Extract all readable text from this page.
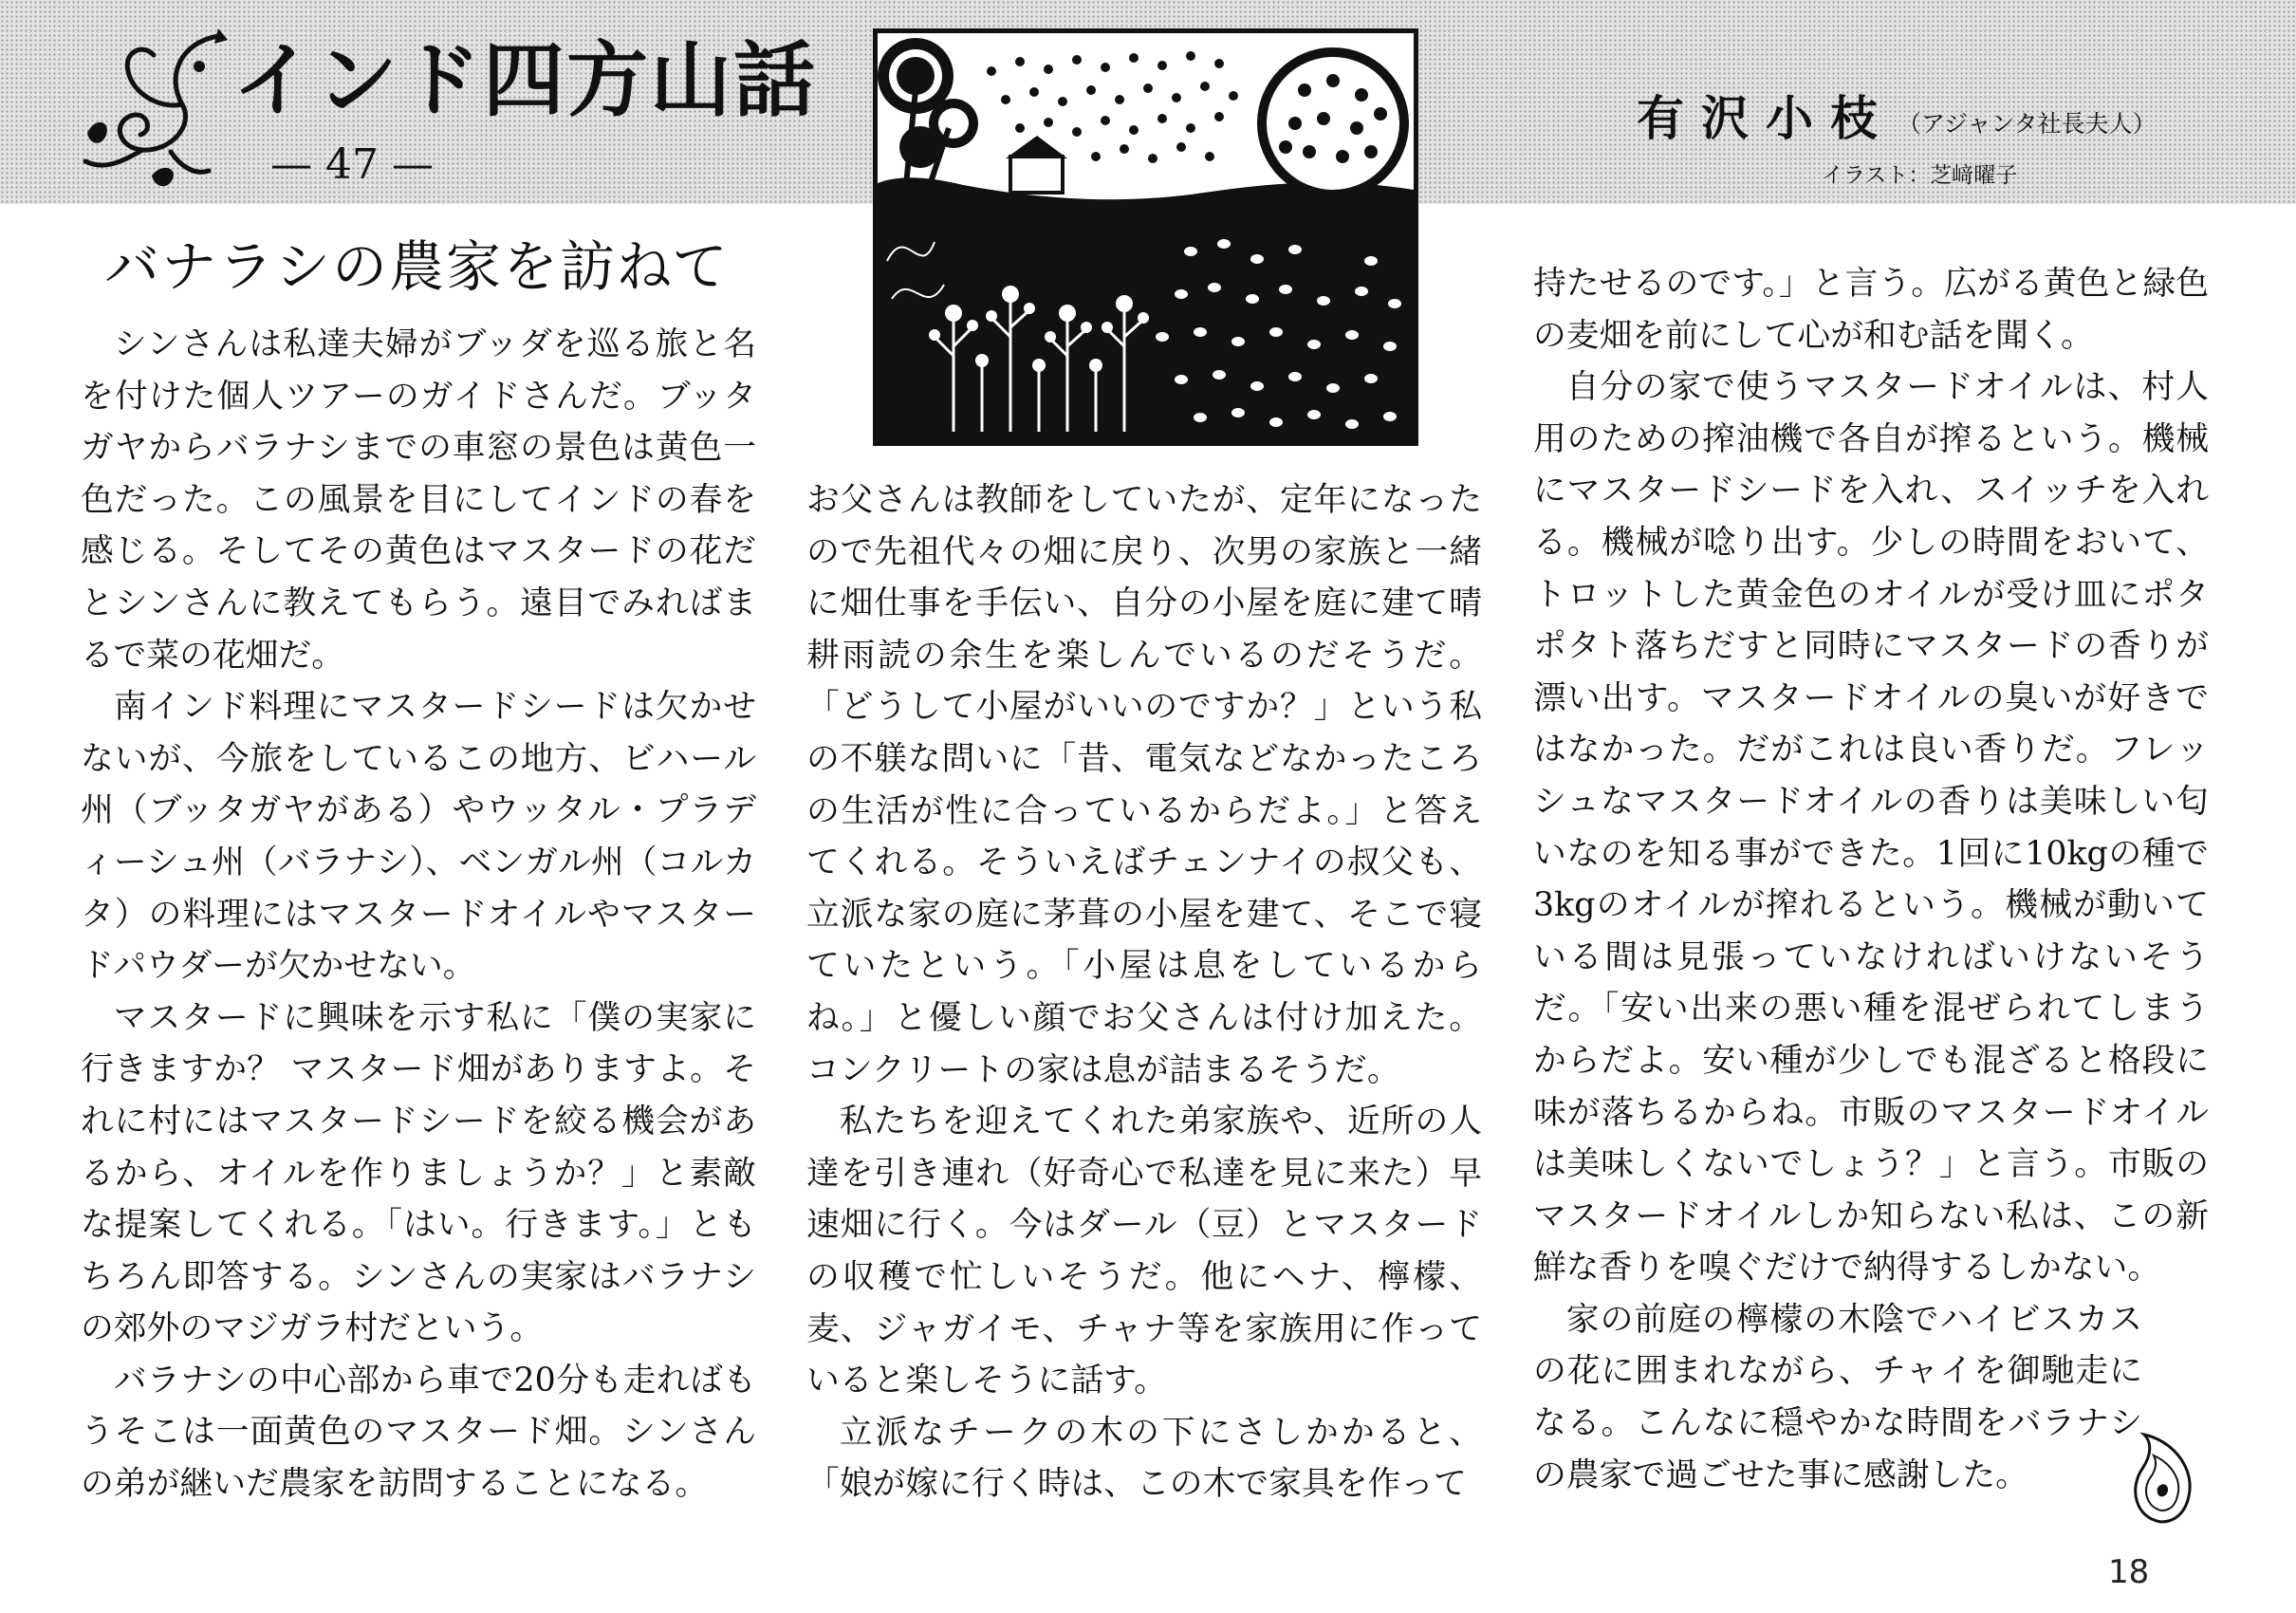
インド四方山話
— 47 —
有沢小枝 （アジャンタ社長夫人）
イラスト：芝﨑曜子
バナラシの農家を訪ねて

シンさんは私達夫婦がブッダを巡る旅と名を付けた個人ツアーのガイドさんだ。ブッタガヤからバラナシまでの車窓の景色は黄色一色だった。この風景を目にしてインドの春を感じる。そしてその黄色はマスタードの花だとシンさんに教えてもらう。遠目でみればまるで菜の花畑だ。

南インド料理にマスタードシードは欠かせないが、今旅をしているこの地方、ビハール州（ブッタガヤがある）やウッタル・プラディーシュ州（バラナシ）、ベンガル州（コルカタ）の料理にはマスタードオイルやマスタードパウダーが欠かせない。

マスタードに興味を示す私に「僕の実家に行きますか？ マスタード畑がありますよ。それに村にはマスタードシードを絞る機会があるから、オイルを作りましょうか？」と素敵な提案してくれる。「はい。行きます。」ともちろん即答する。シンさんの実家はバラナシの郊外のマジガラ村だという。

バラナシの中心部から車で20分も走ればもうそこは一面黄色のマスタード畑。シンさんの弟が継いだ農家を訪問することになる。

お父さんは教師をしていたが、定年になったので先祖代々の畑に戻り、次男の家族と一緒に畑仕事を手伝い、自分の小屋を庭に建て晴耕雨読の余生を楽しんでいるのだそうだ。「どうして小屋がいいのですか？」という私の不躾な問いに「昔、電気などなかったころの生活が性に合っているからだよ。」と答えてくれる。そういえばチェンナイの叔父も、立派な家の庭に茅葺の小屋を建て、そこで寝ていたという。「小屋は息をしているからね。」と優しい顔でお父さんは付け加えた。コンクリートの家は息が詰まるそうだ。

私たちを迎えてくれた弟家族や、近所の人達を引き連れ（好奇心で私達を見に来た）早速畑に行く。今はダール（豆）とマスタードの収穫で忙しいそうだ。他にヘナ、檸檬、麦、ジャガイモ、チャナ等を家族用に作っていると楽しそうに話す。

立派なチークの木の下にさしかかると、「娘が嫁に行く時は、この木で家具を作って

持たせるのです。」と言う。広がる黄色と緑色の麦畑を前にして心が和む話を聞く。

自分の家で使うマスタードオイルは、村人用のための搾油機で各自が搾るという。機械にマスタードシードを入れ、スイッチを入れる。機械が唸り出す。少しの時間をおいて、トロットした黄金色のオイルが受け皿にポタポタト落ちだすと同時にマスタードの香りが漂い出す。マスタードオイルの臭いが好きではなかった。だがこれは良い香りだ。フレッシュなマスタードオイルの香りは美味しい匂いなのを知る事ができた。1回に10kgの種で3kgのオイルが搾れるという。機械が動いている間は見張っていなければいけないそうだ。「安い出来の悪い種を混ぜられてしまうからだよ。安い種が少しでも混ざると格段に味が落ちるからね。市販のマスタードオイルは美味しくないでしょう？」と言う。市販のマスタードオイルしか知らない私は、この新鮮な香りを嗅ぐだけで納得するしかない。

家の前庭の檸檬の木陰でハイビスカスの花に囲まれながら、チャイを御馳走になる。こんなに穏やかな時間をバラナシの農家で過ごせた事に感謝した。

18
